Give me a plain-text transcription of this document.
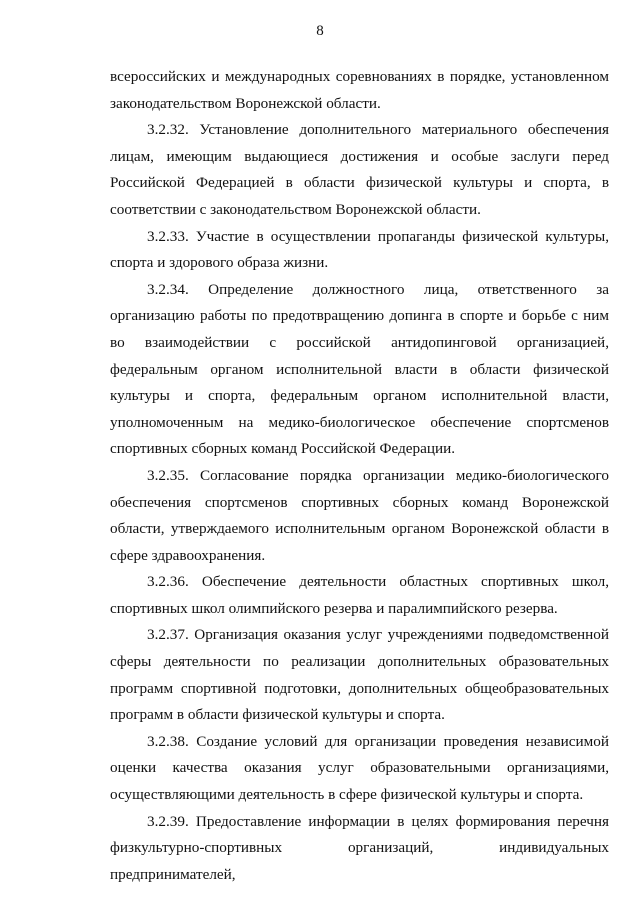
8

всероссийских и международных соревнованиях в порядке, установленном законодательством Воронежской области.

3.2.32. Установление дополнительного материального обеспечения лицам, имеющим выдающиеся достижения и особые заслуги перед Российской Федерацией в области физической культуры и спорта, в соответствии с законодательством Воронежской области.

3.2.33. Участие в осуществлении пропаганды физической культуры, спорта и здорового образа жизни.

3.2.34. Определение должностного лица, ответственного за организацию работы по предотвращению допинга в спорте и борьбе с ним во взаимодействии с российской антидопинговой организацией, федеральным органом исполнительной власти в области физической культуры и спорта, федеральным органом исполнительной власти, уполномоченным на медико-биологическое обеспечение спортсменов спортивных сборных команд Российской Федерации.

3.2.35. Согласование порядка организации медико-биологического обеспечения спортсменов спортивных сборных команд Воронежской области, утверждаемого исполнительным органом Воронежской области в сфере здравоохранения.

3.2.36. Обеспечение деятельности областных спортивных школ, спортивных школ олимпийского резерва и паралимпийского резерва.

3.2.37. Организация оказания услуг учреждениями подведомственной сферы деятельности по реализации дополнительных образовательных программ спортивной подготовки, дополнительных общеобразовательных программ в области физической культуры и спорта.

3.2.38. Создание условий для организации проведения независимой оценки качества оказания услуг образовательными организациями, осуществляющими деятельность в сфере физической культуры и спорта.

3.2.39. Предоставление информации в целях формирования перечня физкультурно-спортивных организаций, индивидуальных предпринимателей,
